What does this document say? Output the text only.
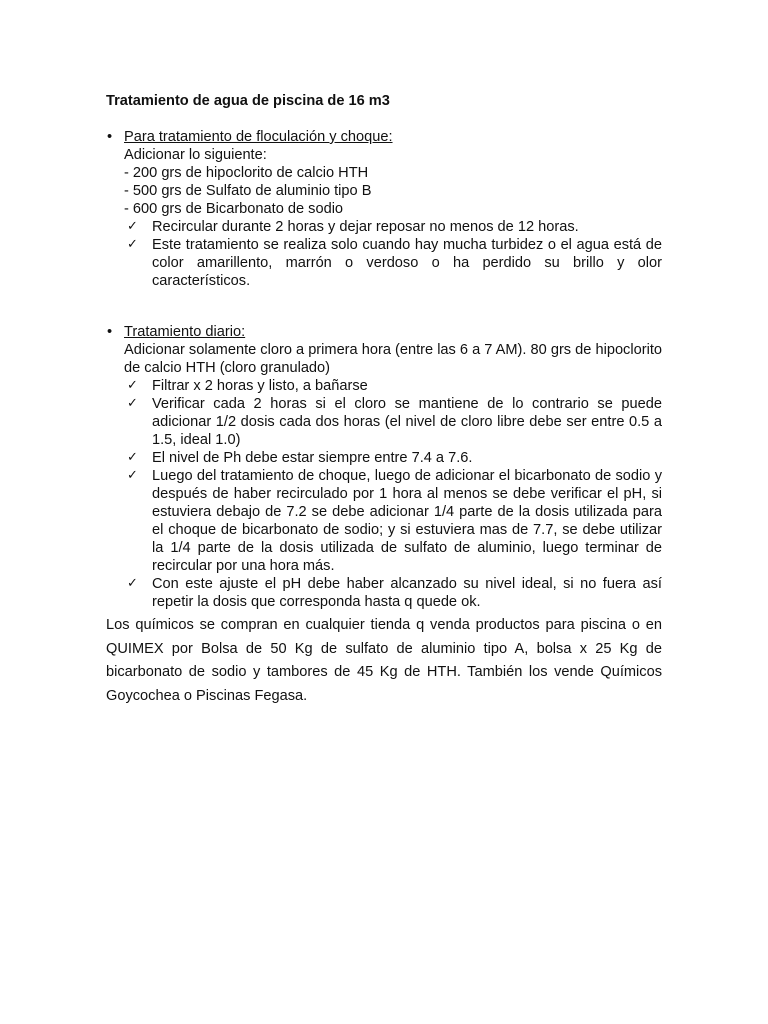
Tratamiento de agua de piscina de 16 m3
• Para tratamiento de floculación y choque:
Adicionar lo siguiente:
- 200 grs de hipoclorito de calcio HTH
- 500 grs de Sulfato de aluminio tipo B
- 600 grs de Bicarbonato de sodio
✓ Recircular durante 2 horas y dejar reposar no menos de 12 horas.
✓ Este tratamiento se realiza solo cuando hay mucha turbidez o el agua está de color amarillento, marrón o verdoso o ha perdido su brillo y olor característicos.
• Tratamiento diario:
Adicionar solamente cloro a primera hora (entre las 6 a 7 AM). 80 grs de hipoclorito de calcio HTH (cloro granulado)
✓ Filtrar x 2 horas y listo, a bañarse
✓ Verificar cada 2 horas si el cloro se mantiene de lo contrario se puede adicionar 1/2 dosis cada dos horas (el nivel de cloro libre debe ser entre 0.5 a 1.5, ideal 1.0)
✓ El nivel de Ph debe estar siempre entre 7.4 a 7.6.
✓ Luego del tratamiento de choque, luego de adicionar el bicarbonato de sodio y después de haber recirculado por 1 hora al menos se debe verificar el pH, si estuviera debajo de 7.2 se debe adicionar 1/4 parte de la dosis utilizada para el choque de bicarbonato de sodio; y si estuviera mas de 7.7, se debe utilizar la 1/4 parte de la dosis utilizada de sulfato de aluminio, luego terminar de recircular por una hora más.
✓ Con este ajuste el pH debe haber alcanzado su nivel ideal, si no fuera así repetir la dosis que corresponda hasta q quede ok.
Los químicos se compran en cualquier tienda q venda productos para piscina o en QUIMEX por Bolsa de 50 Kg de sulfato de aluminio tipo A, bolsa x 25 Kg de bicarbonato de sodio y tambores de 45 Kg de HTH. También los vende Químicos Goycochea o Piscinas Fegasa.
